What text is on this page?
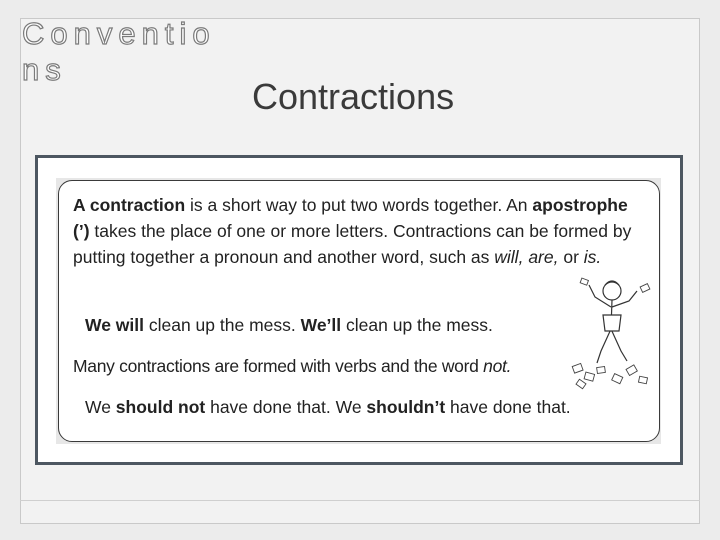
Conventions
Contractions
A contraction is a short way to put two words together. An apostrophe (’) takes the place of one or more letters. Contractions can be formed by putting together a pronoun and another word, such as will, are, or is.
We will clean up the mess. We’ll clean up the mess.
Many contractions are formed with verbs and the word not.
We should not have done that. We shouldn’t have done that.
